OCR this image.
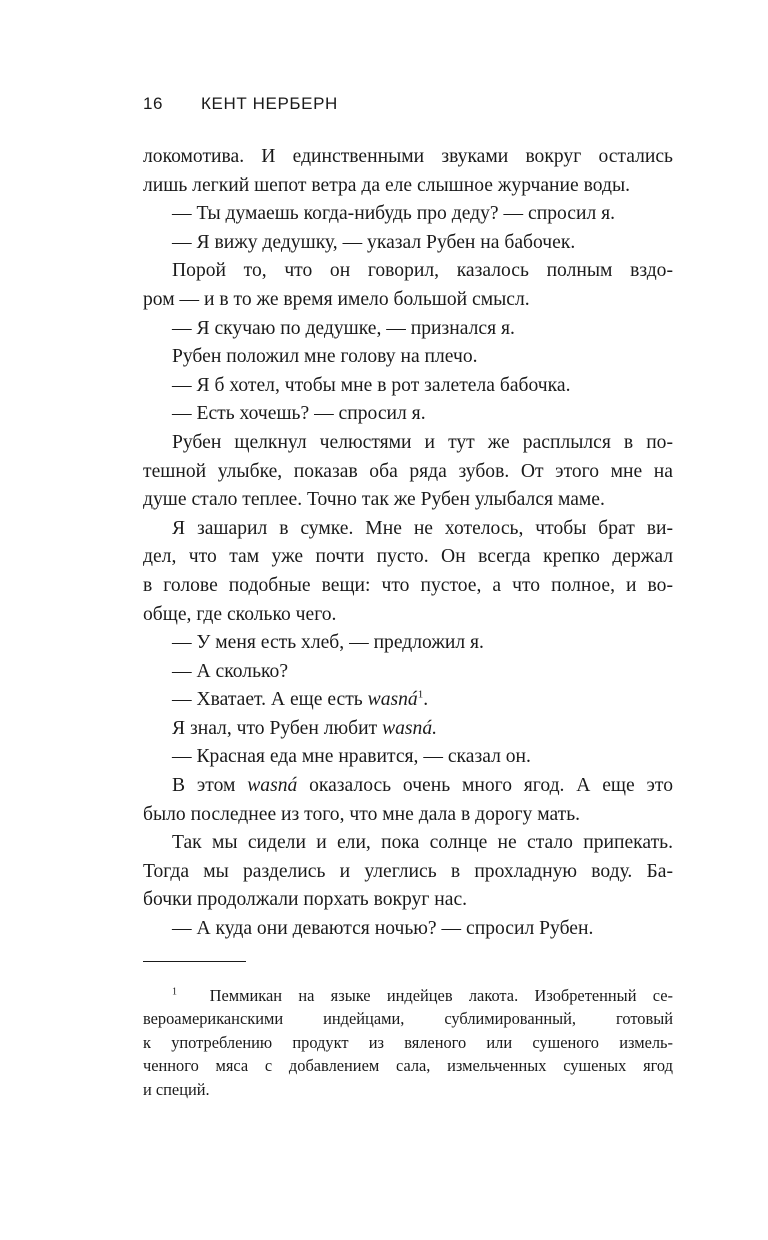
16 КЕНТ НЕРБЕРН
локомотива. И единственными звуками вокруг остались
лишь легкий шепот ветра да еле слышное журчание воды.
— Ты думаешь когда-нибудь про деду? — спросил я.
— Я вижу дедушку, — указал Рубен на бабочек.
Порой то, что он говорил, казалось полным вздо-
ром — и в то же время имело большой смысл.
— Я скучаю по дедушке, — признался я.
Рубен положил мне голову на плечо.
— Я б хотел, чтобы мне в рот залетела бабочка.
— Есть хочешь? — спросил я.
Рубен щелкнул челюстями и тут же расплылся в по-
тешной улыбке, показав оба ряда зубов. От этого мне на
душе стало теплее. Точно так же Рубен улыбался маме.
Я зашарил в сумке. Мне не хотелось, чтобы брат ви-
дел, что там уже почти пусто. Он всегда крепко держал
в голове подобные вещи: что пустое, а что полное, и во-
обще, где сколько чего.
— У меня есть хлеб, — предложил я.
— А сколько?
— Хватает. А еще есть wasná$^1$.
Я знал, что Рубен любит wasná.
— Красная еда мне нравится, — сказал он.
В этом wasná оказалось очень много ягод. А еще это
было последнее из того, что мне дала в дорогу мать.
Так мы сидели и ели, пока солнце не стало припекать.
Тогда мы разделись и улеглись в прохладную воду. Ба-
бочки продолжали порхать вокруг нас.
— А куда они деваются ночью? — спросил Рубен.
$^1$ Пеммикан на языке индейцев лакота. Изобретенный се-
вероамериканскими индейцами, сублимированный, готовый
к употреблению продукт из вяленого или сушеного измель-
ченного мяса с добавлением сала, измельченных сушеных ягод
и специй.
